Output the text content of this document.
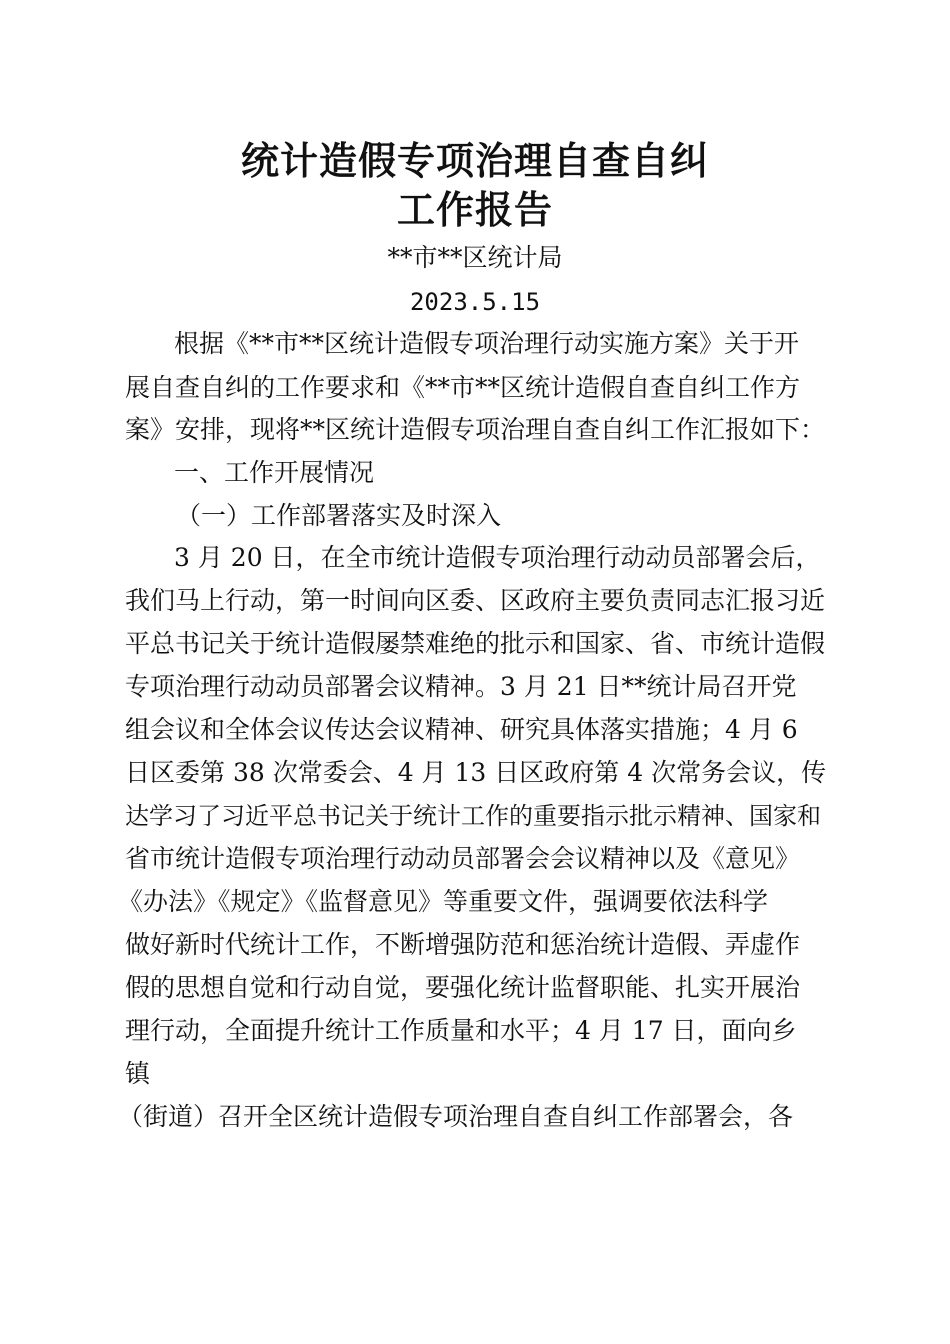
统计造假专项治理自查自纠
工作报告
**市**区统计局
2023.5.15
根据《**市**区统计造假专项治理行动实施方案》关于开
展自查自纠的工作要求和《**市**区统计造假自查自纠工作方
案》安排，现将**区统计造假专项治理自查自纠工作汇报如下：
一、工作开展情况
（一）工作部署落实及时深入
3 月 20 日，在全市统计造假专项治理行动动员部署会后，
我们马上行动，第一时间向区委、区政府主要负责同志汇报习近
平总书记关于统计造假屡禁难绝的批示和国家、省、市统计造假
专项治理行动动员部署会议精神。3 月 21 日**统计局召开党
组会议和全体会议传达会议精神、研究具体落实措施；4 月 6
日区委第 38 次常委会、4 月 13 日区政府第 4 次常务会议，传
达学习了习近平总书记关于统计工作的重要指示批示精神、国家和
省市统计造假专项治理行动动员部署会会议精神以及《意见》
《办法》《规定》《监督意见》等重要文件，强调要依法科学
做好新时代统计工作，不断增强防范和惩治统计造假、弄虚作
假的思想自觉和行动自觉，要强化统计监督职能、扎实开展治
理行动，全面提升统计工作质量和水平；4 月 17 日，面向乡
镇
（街道）召开全区统计造假专项治理自查自纠工作部署会，各
